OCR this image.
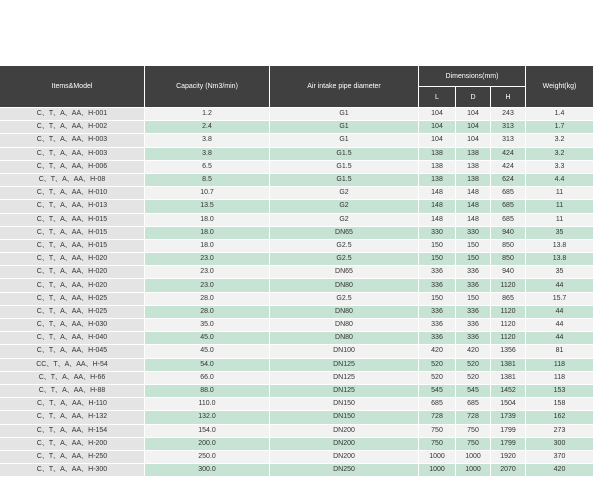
Items&Model	Capacity (Nm3/min)	Air intake pipe diameter	Dimensions(mm)			Weight(kg)
			L	D	H	
C、T、A、AA、H-001	1.2	G1	104	104	243	1.4
C、T、A、AA、H-002	2.4	G1	104	104	313	1.7
C、T、A、AA、H-003	3.8	G1	104	104	313	3.2
C、T、A、AA、H-003	3.8	G1.5	138	138	424	3.2
C、T、A、AA、H-006	6.5	G1.5	138	138	424	3.3
C、T、A、AA、H-08	8.5	G1.5	138	138	624	4.4
C、T、A、AA、H-010	10.7	G2	148	148	685	11
C、T、A、AA、H-013	13.5	G2	148	148	685	11
C、T、A、AA、H-015	18.0	G2	148	148	685	11
C、T、A、AA、H-015	18.0	DN65	330	330	940	35
C、T、A、AA、H-015	18.0	G2.5	150	150	850	13.8
C、T、A、AA、H-020	23.0	G2.5	150	150	850	13.8
C、T、A、AA、H-020	23.0	DN65	336	336	940	35
C、T、A、AA、H-020	23.0	DN80	336	336	1120	44
C、T、A、AA、H-025	28.0	G2.5	150	150	865	15.7
C、T、A、AA、H-025	28.0	DN80	336	336	1120	44
C、T、A、AA、H-030	35.0	DN80	336	336	1120	44
C、T、A、AA、H-040	45.0	DN80	336	336	1120	44
C、T、A、AA、H-045	45.0	DN100	420	420	1356	81
CC、T、A、AA、H-54	54.0	DN125	520	520	1381	118
C、T、A、AA、H-66	66.0	DN125	520	520	1381	118
C、T、A、AA、H-88	88.0	DN125	545	545	1452	153
C、T、A、AA、H-110	110.0	DN150	685	685	1504	158
C、T、A、AA、H-132	132.0	DN150	728	728	1739	162
C、T、A、AA、H-154	154.0	DN200	750	750	1799	273
C、T、A、AA、H-200	200.0	DN200	750	750	1799	300
C、T、A、AA、H-250	250.0	DN200	1000	1000	1920	370
C、T、A、AA、H-300	300.0	DN250	1000	1000	2070	420
